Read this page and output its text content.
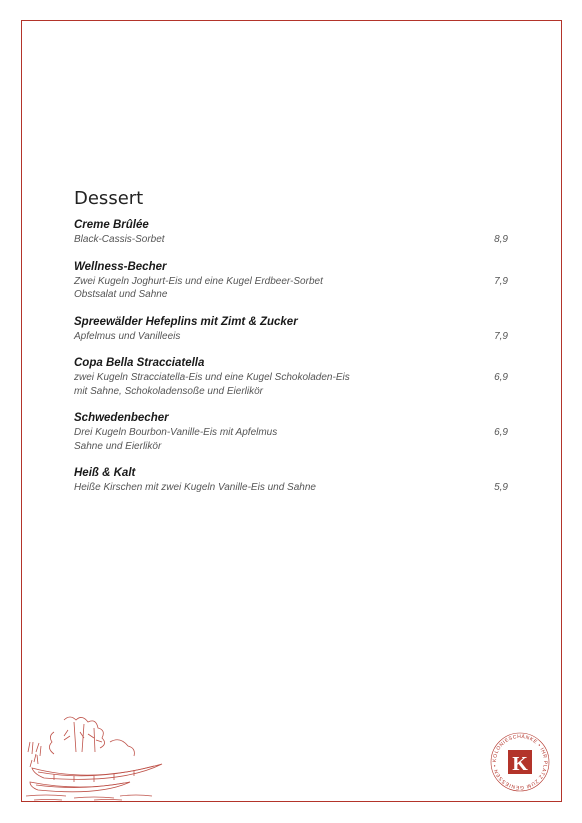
Dessert
Creme Brûlée
Black-Cassis-Sorbet	8,9
Wellness-Becher
Zwei Kugeln Joghurt-Eis und eine Kugel Erdbeer-Sorbet
Obstsalat und Sahne
7,9
Spreewälder Hefeplins mit Zimt & Zucker
Apfelmus und Vanilleeis	7,9
Copa Bella Stracciatella
zwei Kugeln Stracciatella-Eis und eine Kugel Schokoladen-Eis
mit Sahne, Schokoladensoße und Eierlikör
6,9
Schwedenbecher
Drei Kugeln Bourbon-Vanille-Eis mit Apfelmus
Sahne und Eierlikör
6,9
Heiß & Kalt
Heiße Kirschen mit zwei Kugeln Vanille-Eis und Sahne	5,9
KOLONIESCHÄNKE • IHR PLATZ ZUM GENIESSEN • K
